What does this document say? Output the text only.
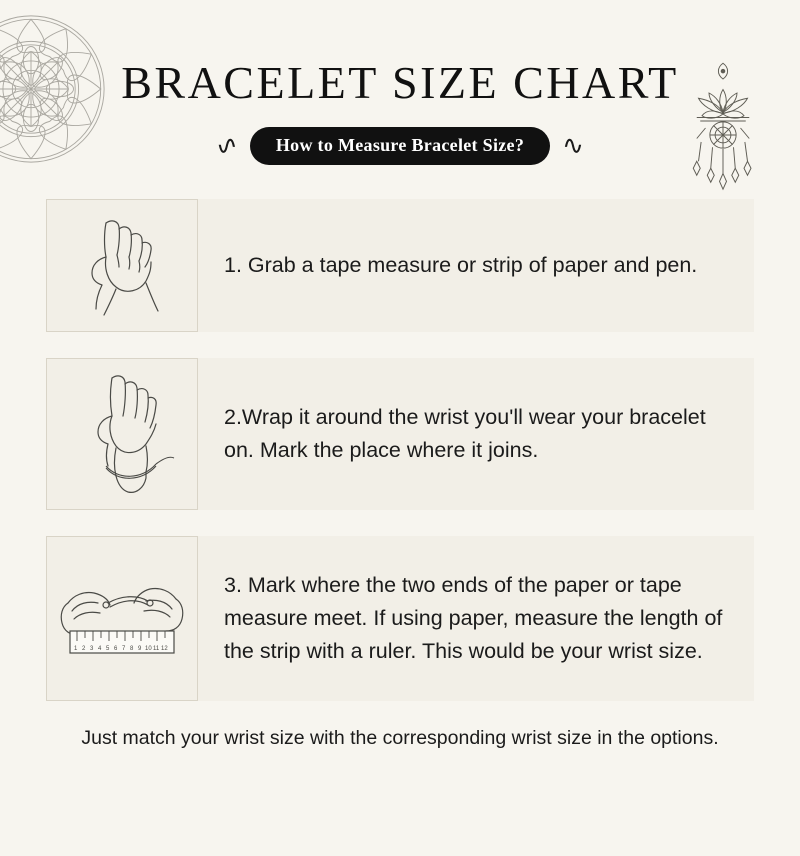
BRACELET SIZE CHART
∿	How to Measure Bracelet Size?	∿
1. Grab a tape measure or strip of paper and pen.
2.Wrap it around the wrist you'll wear your bracelet on. Mark the place where it joins.
1 2 3 4 5 6 7 8 9 10 11 12
3. Mark where the two ends of the paper or tape measure meet. If using paper, measure the length of the strip with a ruler. This would be your wrist size.
Just match your wrist size with the corresponding wrist size in the options.
